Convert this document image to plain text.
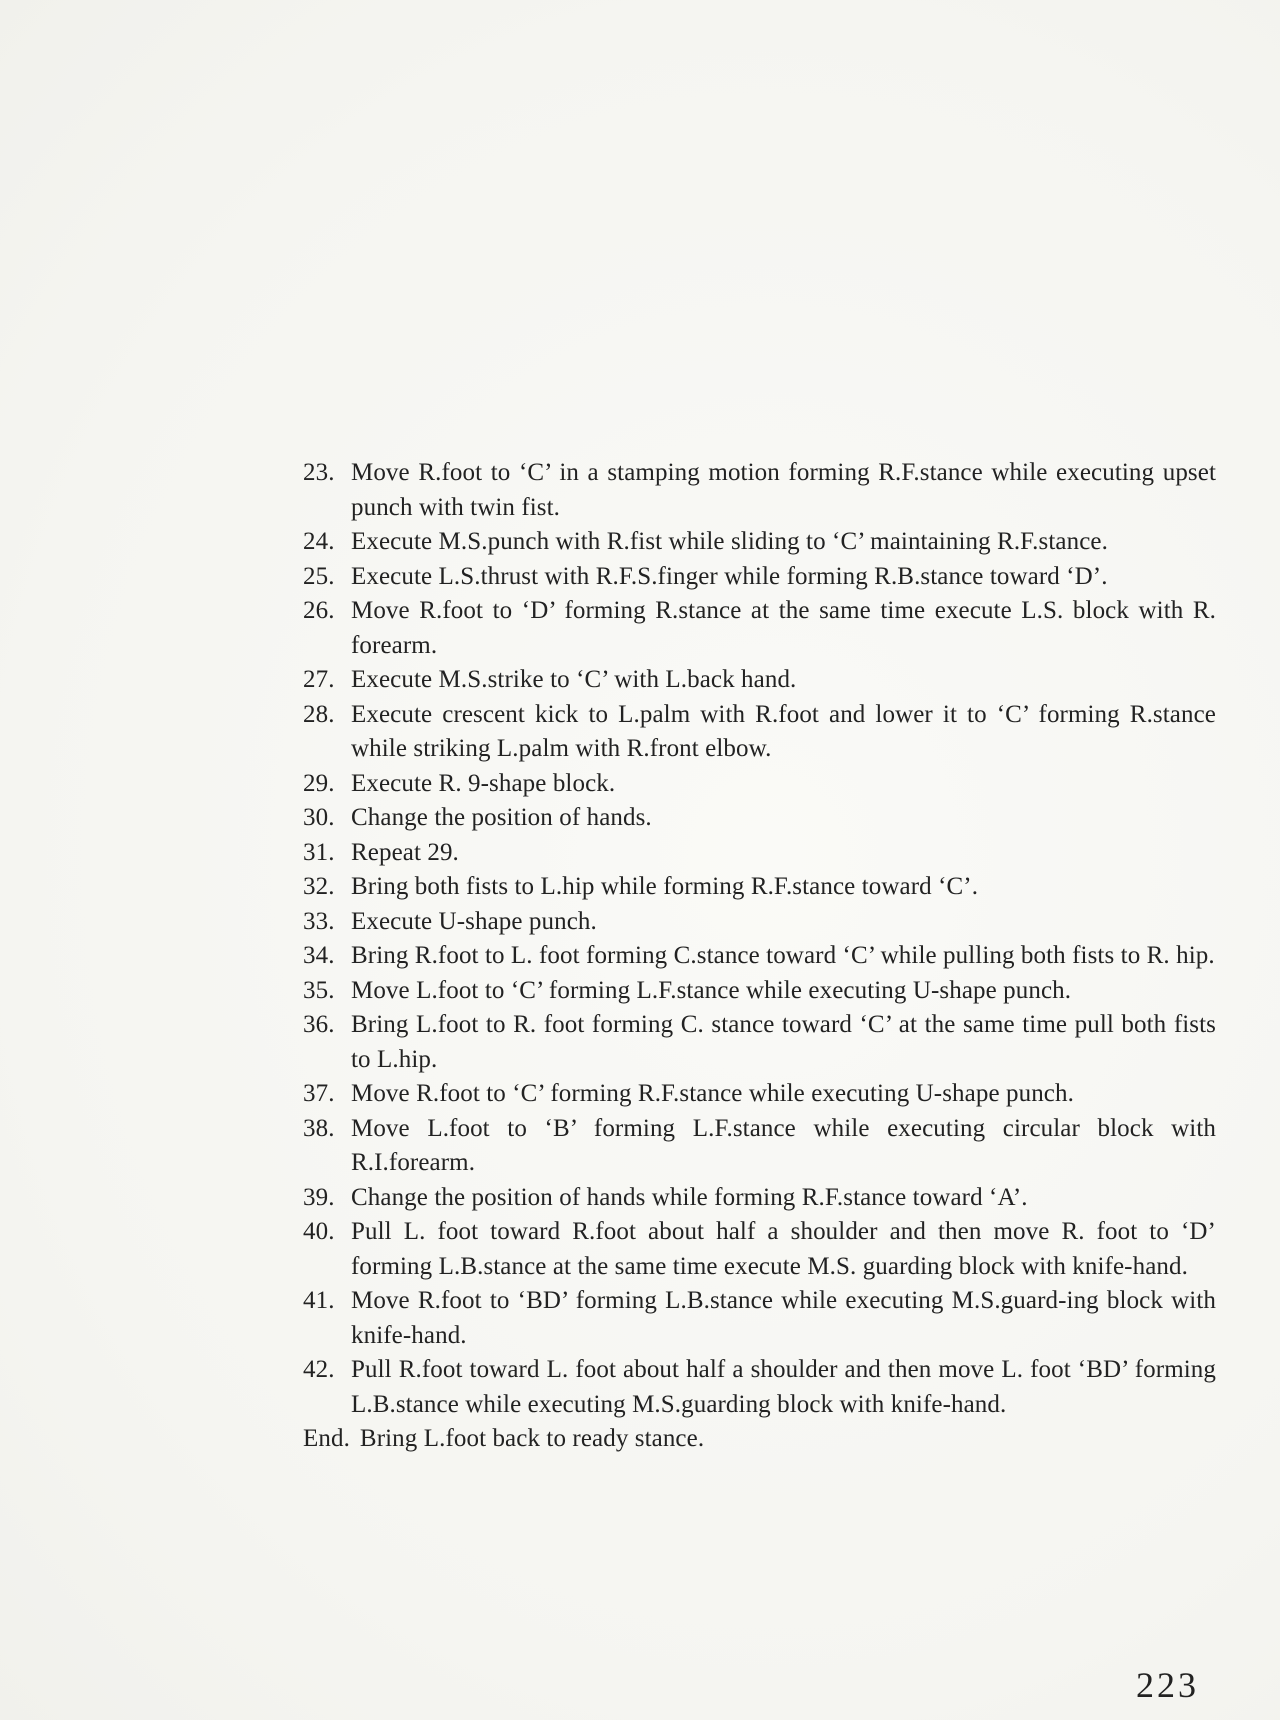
23. Move R.foot to ‘C’ in a stamping motion forming R.F.stance while executing upset punch with twin fist.
24. Execute M.S.punch with R.fist while sliding to ‘C’ maintaining R.F.stance.
25. Execute L.S.thrust with R.F.S.finger while forming R.B.stance toward ‘D’.
26. Move R.foot to ‘D’ forming R.stance at the same time execute L.S. block with R. forearm.
27. Execute M.S.strike to ‘C’ with L.back hand.
28. Execute crescent kick to L.palm with R.foot and lower it to ‘C’ forming R.stance while striking L.palm with R.front elbow.
29. Execute R. 9-shape block.
30. Change the position of hands.
31. Repeat 29.
32. Bring both fists to L.hip while forming R.F.stance toward ‘C’.
33. Execute U-shape punch.
34. Bring R.foot to L. foot forming C.stance toward ‘C’ while pulling both fists to R. hip.
35. Move L.foot to ‘C’ forming L.F.stance while executing U-shape punch.
36. Bring L.foot to R. foot forming C. stance toward ‘C’ at the same time pull both fists to L.hip.
37. Move R.foot to ‘C’ forming R.F.stance while executing U-shape punch.
38. Move L.foot to ‘B’ forming L.F.stance while executing circular block with R.I.forearm.
39. Change the position of hands while forming R.F.stance toward ‘A’.
40. Pull L. foot toward R.foot about half a shoulder and then move R. foot to ‘D’ forming L.B.stance at the same time execute M.S. guarding block with knife-hand.
41. Move R.foot to ‘BD’ forming L.B.stance while executing M.S.guard-ing block with knife-hand.
42. Pull R.foot toward L. foot about half a shoulder and then move L. foot ‘BD’ forming L.B.stance while executing M.S.guarding block with knife-hand.
End. Bring L.foot back to ready stance.
223
